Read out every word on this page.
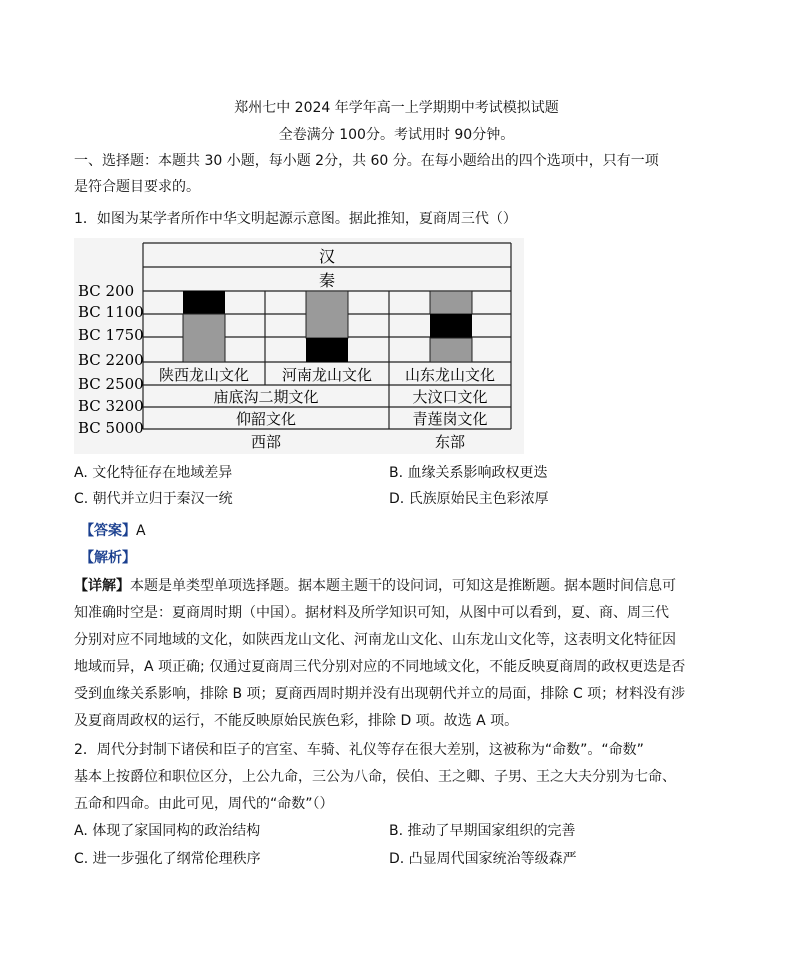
郑州七中 2024 年学年高一上学期期中考试模拟试题
全卷满分 100分。考试用时 90分钟。
一、选择题：本题共 30 小题，每小题 2分，共 60 分。在每小题给出的四个选项中，只有一项
是符合题目要求的。
1．如图为某学者所作中华文明起源示意图。据此推知，夏商周三代（）
汉
秦
BC 200
BC 1100
BC 1750
BC 2200
BC 2500
BC 3200
BC 5000
陕西龙山文化 河南龙山文化 山东龙山文化
庙底沟二期文化	大汶口文化
仰韶文化	青莲岗文化
西部	东部
A. 文化特征存在地域差异	B. 血缘关系影响政权更迭
C. 朝代并立归于秦汉一统	D. 氏族原始民主色彩浓厚
【答案】A
【解析】
【详解】本题是单类型单项选择题。据本题主题干的设问词，可知这是推断题。据本题时间信息可
知准确时空是：夏商周时期（中国）。据材料及所学知识可知，从图中可以看到，夏、商、周三代
分别对应不同地域的文化，如陕西龙山文化、河南龙山文化、山东龙山文化等，这表明文化特征因
地域而异，A 项正确; 仅通过夏商周三代分别对应的不同地域文化，不能反映夏商周的政权更迭是否
受到血缘关系影响，排除 B 项；夏商西周时期并没有出现朝代并立的局面，排除 C 项；材料没有涉
及夏商周政权的运行，不能反映原始民族色彩，排除 D 项。故选 A 项。
2．周代分封制下诸侯和臣子的宫室、车骑、礼仪等存在很大差别，这被称为“命数”。“命数”
基本上按爵位和职位区分，上公九命，三公为八命，侯伯、王之卿、子男、王之大夫分别为七命、
五命和四命。由此可见，周代的“命数”（）
A. 体现了家国同构的政治结构	B. 推动了早期国家组织的完善
C. 进一步强化了纲常伦理秩序	D. 凸显周代国家统治等级森严
